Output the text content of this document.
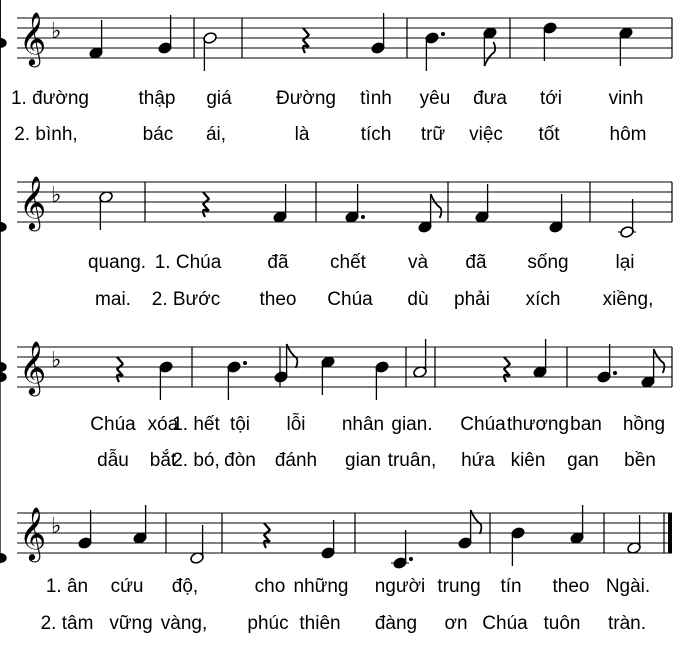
𝄞 ♭
1. đường	thập giá Đường tình yêu đưa tới vinh
2. bình,	bác ái,	là	tích trữ việc tốt	hôm
𝄞 ♭
quang. 1. Chúa đã chết và đã sống lại
mai. 2. Bước theo Chúa dù phải xích xiềng,
𝄞 ♭
Chúa xóa
1. hết tội lỗi nhân gian. Chúa thương ban hồng
dẫu bắt
2. bó, đòn đánh gian truân, hứa kiên gan bền
𝄞 ♭
1. ân cứu độ,	cho những người trung tín theo Ngài.
2. tâm vững vàng, phúc thiên đàng ơn Chúa tuôn tràn.
